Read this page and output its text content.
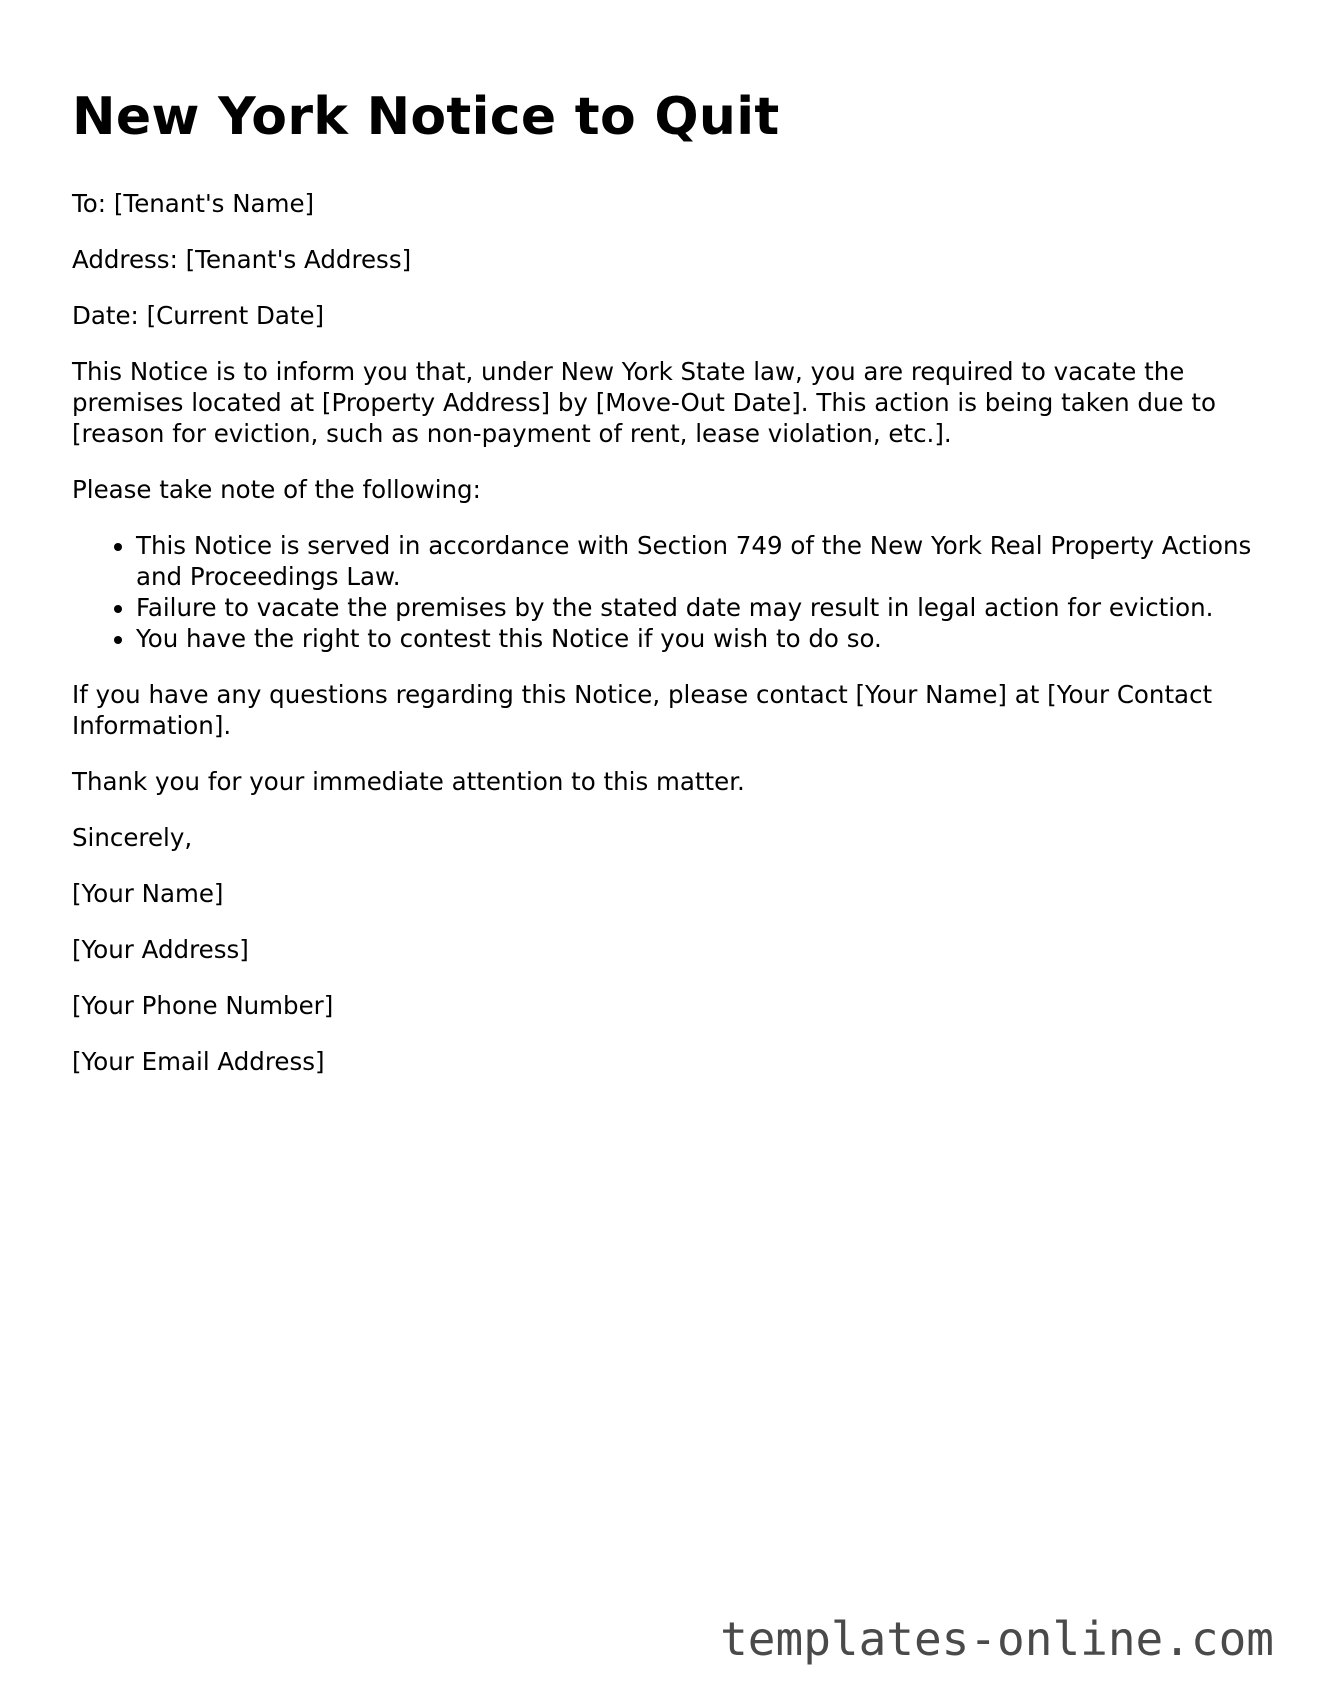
New York Notice to Quit

To: [Tenant's Name]

Address: [Tenant's Address]

Date: [Current Date]

This Notice is to inform you that, under New York State law, you are required to vacate the premises located at [Property Address] by [Move-Out Date]. This action is being taken due to [reason for eviction, such as non-payment of rent, lease violation, etc.].

Please take note of the following:

• This Notice is served in accordance with Section 749 of the New York Real Property Actions and Proceedings Law.
• Failure to vacate the premises by the stated date may result in legal action for eviction.
• You have the right to contest this Notice if you wish to do so.

If you have any questions regarding this Notice, please contact [Your Name] at [Your Contact Information].

Thank you for your immediate attention to this matter.

Sincerely,

[Your Name]

[Your Address]

[Your Phone Number]

[Your Email Address]

templates-online.com
